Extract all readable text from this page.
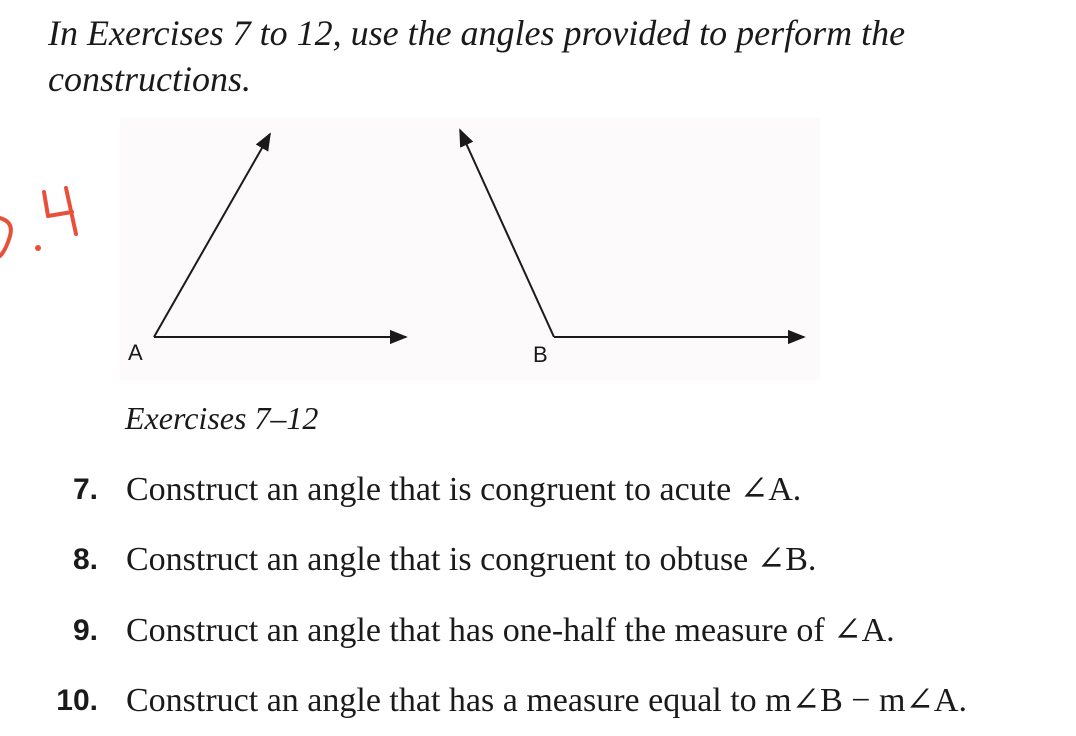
In Exercises 7 to 12, use the angles provided to perform the constructions.

A	B
Exercises 7–12
7. Construct an angle that is congruent to acute ∠A.
8. Construct an angle that is congruent to obtuse ∠B.
9. Construct an angle that has one-half the measure of ∠A.
10. Construct an angle that has a measure equal to m∠B − m∠A.
